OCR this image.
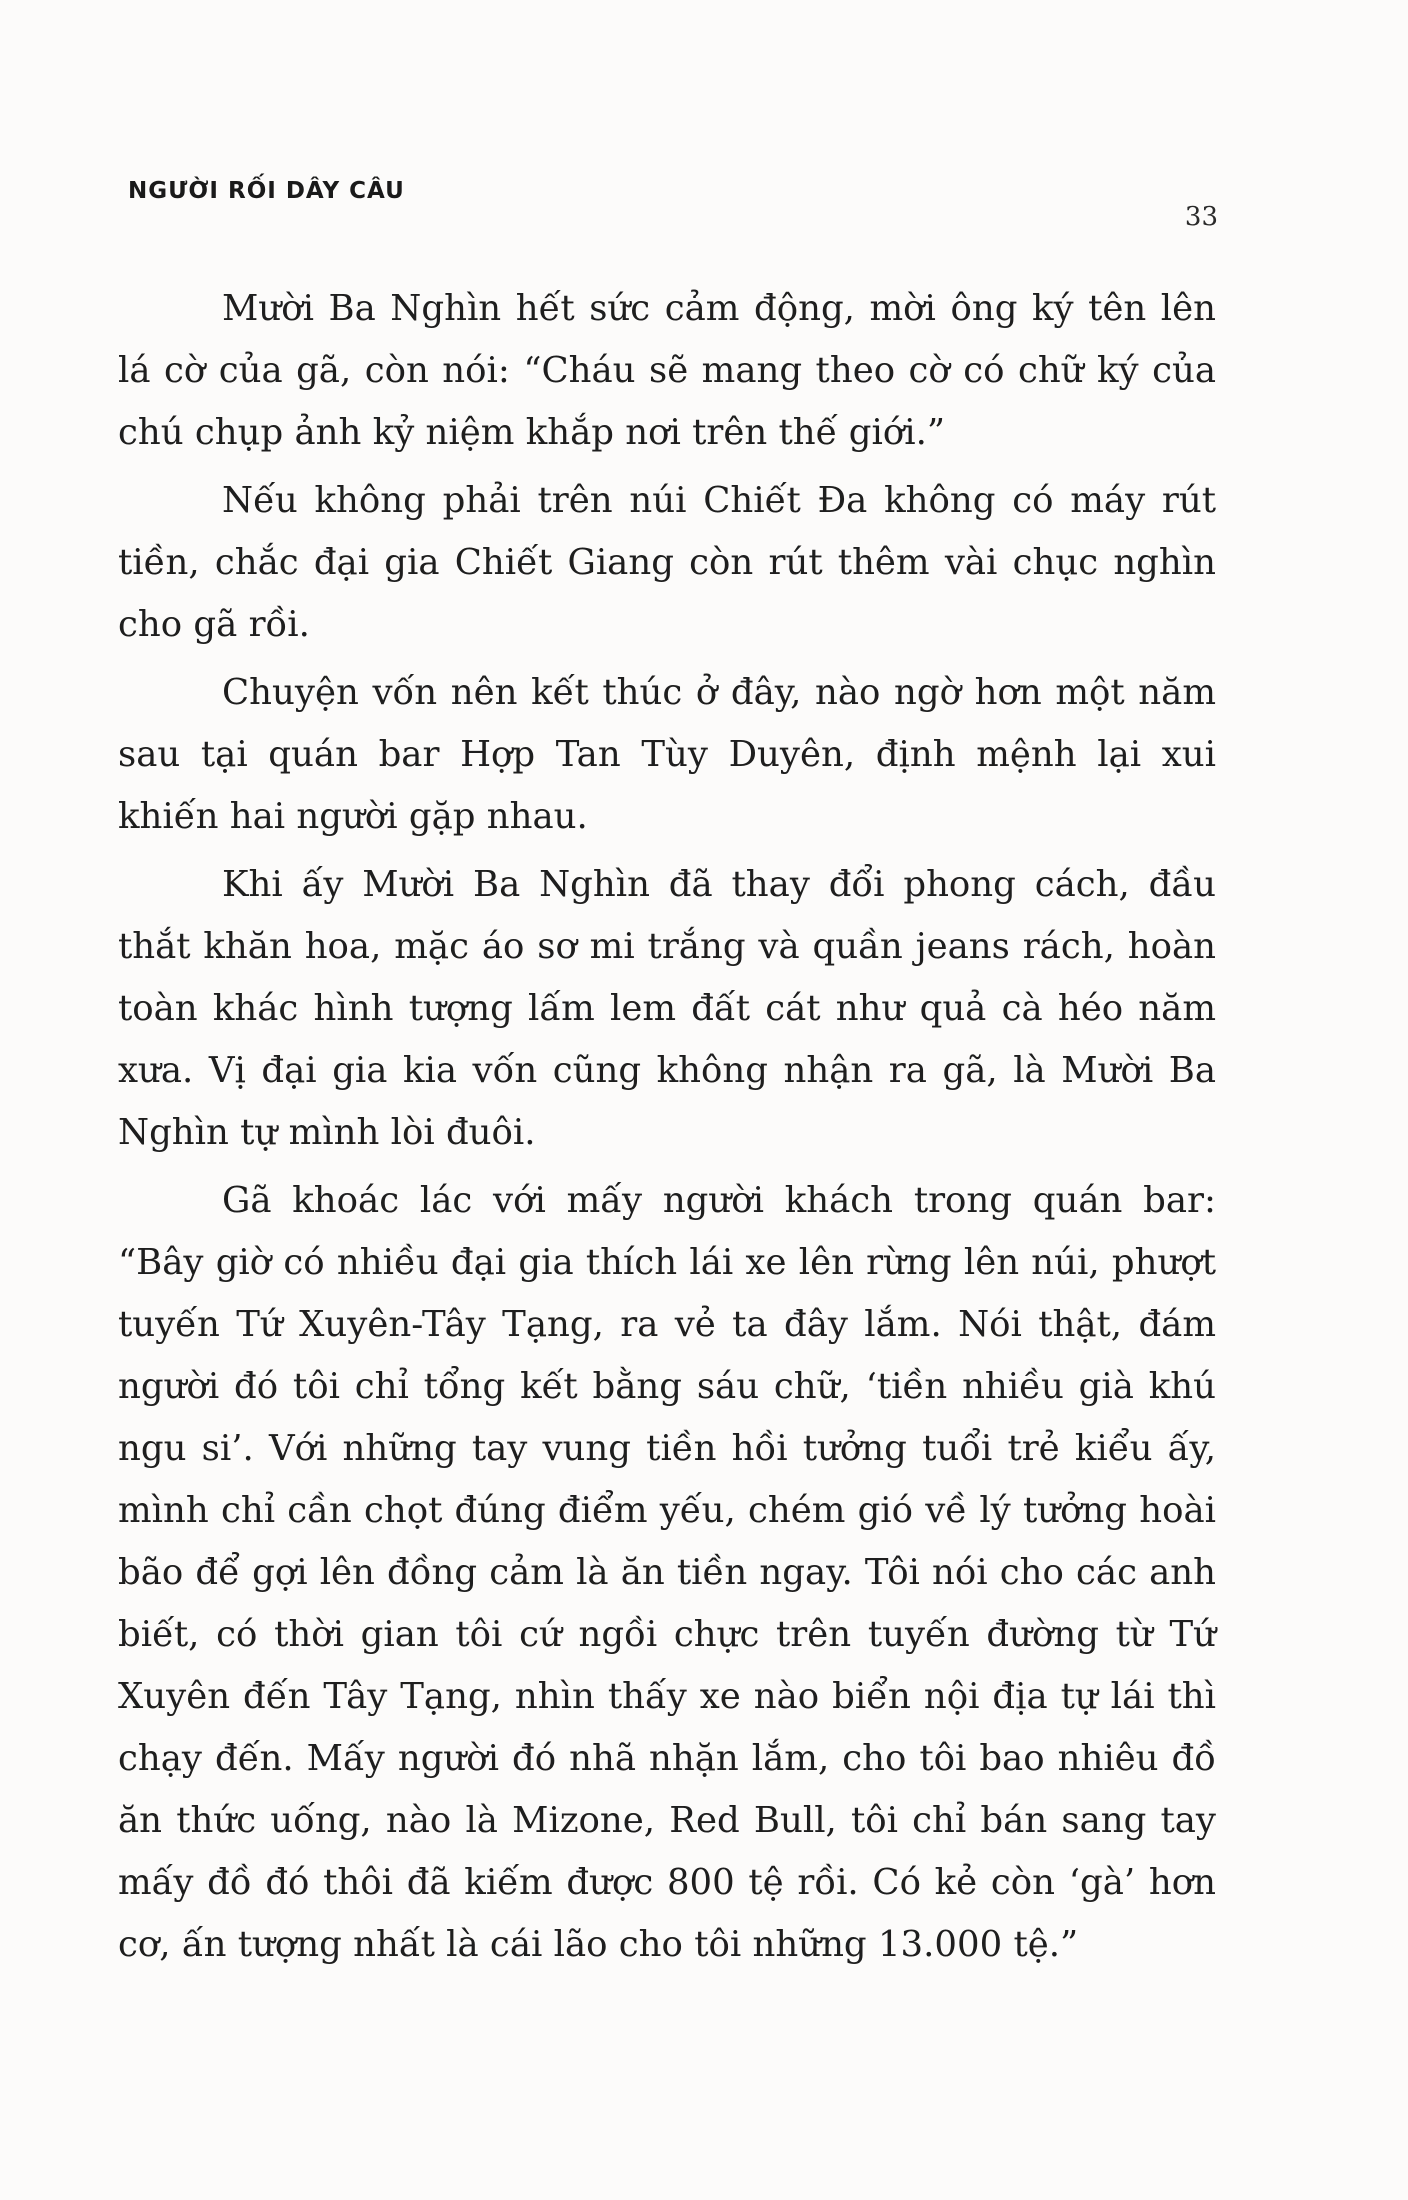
NGƯỜI RỐI DÂY CÂU
33

Mười Ba Nghìn hết sức cảm động, mời ông ký tên lên lá cờ của gã, còn nói: “Cháu sẽ mang theo cờ có chữ ký của chú chụp ảnh kỷ niệm khắp nơi trên thế giới.”

Nếu không phải trên núi Chiết Đa không có máy rút tiền, chắc đại gia Chiết Giang còn rút thêm vài chục nghìn cho gã rồi.

Chuyện vốn nên kết thúc ở đây, nào ngờ hơn một năm sau tại quán bar Hợp Tan Tùy Duyên, định mệnh lại xui khiến hai người gặp nhau.

Khi ấy Mười Ba Nghìn đã thay đổi phong cách, đầu thắt khăn hoa, mặc áo sơ mi trắng và quần jeans rách, hoàn toàn khác hình tượng lấm lem đất cát như quả cà héo năm xưa. Vị đại gia kia vốn cũng không nhận ra gã, là Mười Ba Nghìn tự mình lòi đuôi.

Gã khoác lác với mấy người khách trong quán bar: “Bây giờ có nhiều đại gia thích lái xe lên rừng lên núi, phượt tuyến Tứ Xuyên-Tây Tạng, ra vẻ ta đây lắm. Nói thật, đám người đó tôi chỉ tổng kết bằng sáu chữ, ‘tiền nhiều già khú ngu si’. Với những tay vung tiền hồi tưởng tuổi trẻ kiểu ấy, mình chỉ cần chọt đúng điểm yếu, chém gió về lý tưởng hoài bão để gợi lên đồng cảm là ăn tiền ngay. Tôi nói cho các anh biết, có thời gian tôi cứ ngồi chực trên tuyến đường từ Tứ Xuyên đến Tây Tạng, nhìn thấy xe nào biển nội địa tự lái thì chạy đến. Mấy người đó nhã nhặn lắm, cho tôi bao nhiêu đồ ăn thức uống, nào là Mizone, Red Bull, tôi chỉ bán sang tay mấy đồ đó thôi đã kiếm được 800 tệ rồi. Có kẻ còn ‘gà’ hơn cơ, ấn tượng nhất là cái lão cho tôi những 13.000 tệ.”
